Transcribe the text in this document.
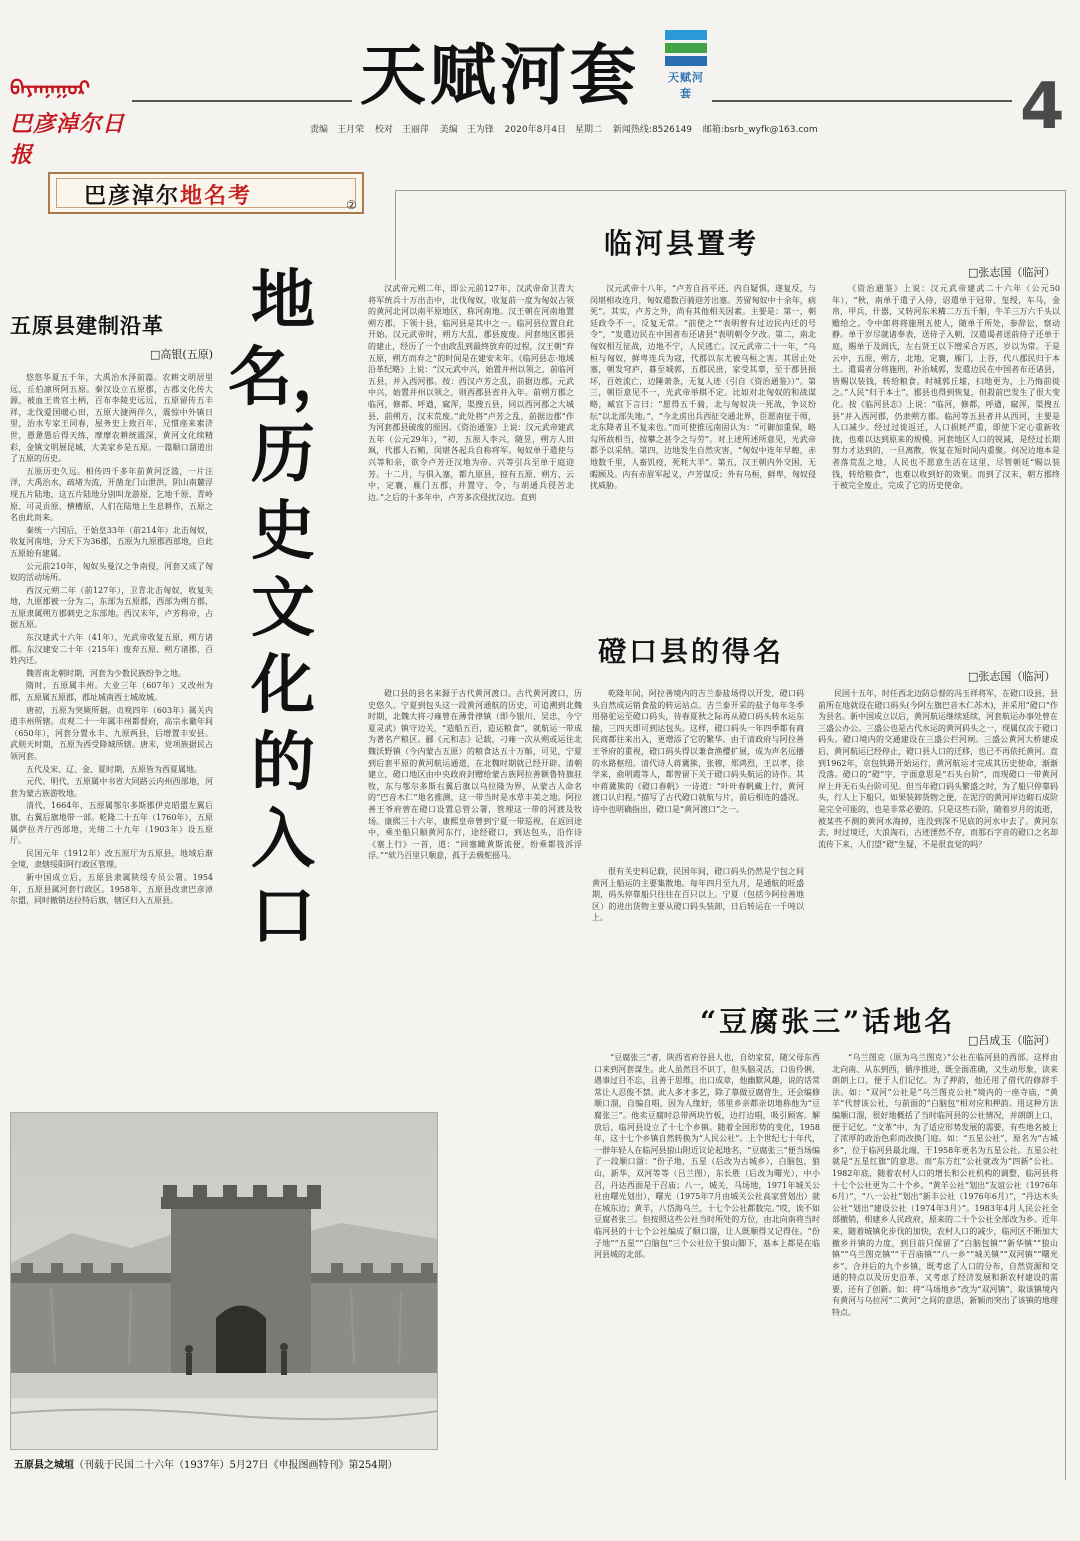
ᠪᠠᠶᠠᠨᠨᠠᠭᠤᠷ
巴彦淖尔日报
天赋河套	天赋河套	4
责编　王月荣 校对　王丽萍 美编　王为锋 2020年8月4日　星期二 新闻热线:8526149 邮箱:bsrb_wyfk@163.com
巴彦淖尔地名考	②
五原县建制沿革
□高银(五原)

悠悠华夏五千年，大禹治水泽前篇。农耕文明居里远，丘伯凛所阿五原。秦汉设立五原郡，古郡文化传大源，被血王贵官土柄，百布李陵史远远，五原留传五丰祥，北伐爱国暖心田，五原大捷两伴久，震惊中外镇日里，治水专家王同春，屋务史上致百年，兄惯座来素济世，愚惫愚后得天练，摩摩农耕统震深，黄河文化续精彩，金镇文明展昆城，大美家乡是五原。一篇顺口溜道出了五原的历史。

五原历史久远。相传四千多年前黄河泛滥，一片汪洋，大禹治水，疏堵为流，开凿龙门山泄洪，阴山南麓浮现五片陆地，这五片陆地分别叫龙游原、乞地千原、青岭原、可灵贡原、横槽原，人们在陆地上生息耕作，五原之名由此而来。

秦统一六国后，于始皇33年（前214年）北击匈奴，收复河南地，分天下为36郡，五原为九原郡西部地，自此五原始有建属。

公元前210年，匈奴头曼汉之争南侵，河套又成了匈奴的活动场所。

西汉元朔二年（前127年），卫青北击匈奴，收复失地，九原郡被一分为二，东部为五原郡，西部为朔方郡，五原隶属朔方郡刺史之东部地。西汉末年，卢芳称帝，占据五原。

东汉建武十六年（41年），光武帝收复五原，朔方诸郡。东汉建安二十年（215年）废弃五原、朔方诸郡，百姓内迁。

魏晋南北朝时期，河套为少数民族纷争之地。

隋时，五原属丰州。大业三年（607年）又改州为郡，五原属五原郡，郡址城南西土城故城。

唐初，五原为突厥所据。贞观四年（603年）属关内道丰州所辖。贞观二十一年属丰州都督府，高宗永徽年间（650年），河套分置永丰、九原两县，后增置丰安县。武则天时期，五原为西受降城所辖。唐末，党项族据民占领河套。

五代及宋、辽、金、夏时期，五原皆为西夏属地。

元代、明代，五原属中书省大同路云内州西部地，河套为蒙古族游牧地。

清代，1664年，五原属鄂尔多斯郡伊克昭盟左翼后旗、右翼后旗地带一部。乾隆二十五年（1760年），五原属萨拉齐厅西部地，光绪二十九年（1903年）设五原厅。

民国元年（1912年）改五原厅为五原县，地域后渐全境，隶辖绥阳阿行政区管理。

新中国成立后，五原县隶属陕绥专员公署。1954年，五原县属河套行政区。1958年，五原县改隶巴彦淖尔盟，同时撤销达拉特后旗，辖区归入五原县。

地
名，
历
史
文
化
的
入
口
临河县置考
□张志国（临河）

汉武帝元朔二年，即公元前127年，汉武帝命卫青大将军统兵十万出击中，北伐匈奴，收复前一度为匈奴占领的黄河北河以南平原地区，称河南地。汉王朝在河南地置朔方郡，下领十县，临河县是其中之一。临河县位置自此开始。汉元武帝时，朔方大乱，郡县废废。河套地区郡县的建止，经历了一个由政乱到最终放弃的过程，汉王朝“弃五原，朔方而弃之”的时间是在建安末年。《临河县志·地域沿革纪略》上说：“汉元武中兴，始置并州以领之，前临河五县，并入西河郡。按：西汉卢芳之乱，前据边郡。元武中兴，始置并州以领之，则西郡县省并入年。前朔方郡之临河，修都、呼遒，窳浑，渠搜五县，同以西河郡之大城县，前朔方，汉末荒废。”此处将“卢芳之乱，前据边郡”作为河套郡县破废的原因。《资治通鉴》上说：汉元武帝建武五年（公元29年），“初，五原人李兴，随昱，朔方人田飒，代郡人石鲔，闵堪各起兵自称将军。匈奴单于遣使与兴等和亲，欲令卢芳还汉地为帝。兴等引兵至单于庭迎芳。十二月，与俱入塞，都九原县，掠有五原、朔方、云中，定襄，雁门五郡，并置守、令，与胡通兵侵苦北边。”之后的十多年中，卢芳多次侵扰汉边。直到

汉元武帝十八年，“卢芳自昌平还，内自疑惧，遂复反，与闵堪相攻连月，匈奴遣数百骑迎芳出塞。芳留匈奴中十余年，病死”。其实，卢芳之外，尚有其他相关因素。主要是：第一，朝廷政令不一，反复无常。“前使之”“表明曾有过边民内迁的号令”，“发遣边民在中国者布还诸县”表明朝令夕改。第二，南北匈奴相互征战，边地不宁，人民逃亡。汉元武帝二十一年，“乌桓与匈奴，鲜卑连兵为寇，代郡以东尤被乌桓之害。其居止处塞，朝发穹庐，暮至城郭，五郡民庶，家受其辜，至于郡县损坏，百姓流亡，边陲萧条，无复人迹（引自《资治通鉴》）”。第三，朝臣意见不一，光武帝举棋不定。比如对北匈奴的和战谋略，臧宫下言曰：“愿得五千骑，北与匈奴决一死战，争议纷纭”以北部失地。”，“今北虏出兵西征交通北界，臣愿南征于师，北东降者且不复来也。”而可使推远南固认为：“可御加重保，略勾所敌相当，按攀之甚令之与劳”。对上述所述所意见，光武帝都予以采纳。第四，边地发生自然灾害，“匈奴中连年早蝗，赤地数千里，人畜饥疫，死耗大半”。第五，汉王朝内外交困，无暇顾及。内有赤眉军起义，卢芳谋反；外有乌桓，鲜卑，匈奴侵扰威胁。

《资治通鉴》上说：汉元武帝建武二十六年（公元50年），“秋，南单于遣子入侍，诏遣单于冠带、玺绶，车马，金帛，甲兵，什器，又转河东米糒二万五千斛，牛羊三万六千头以赡给之。令中郎将将施刑五使人，随单于所处，参辞讼，察动静。单于岁尽就诸奉表，送侍子入朝，汉遣谒者送前侍子还单于庭，赐单于及阏氏，左右贤王以下缯采合万匹，岁以为常。于是云中，五原，朔方，北地，定襄，雁门，上谷，代八郡民归于本土。遣谒者分将施刑，补治城郭，发遣边民在中国者布还诸县，皆赐以装钱，转给粮食。时城郭丘墟，扫地更为，上乃悔前徙之。”人民“归于本土”，郡县也得到恢复，但殺前巴发生了很大变化。按《临河县志》上说：“临河，修都，呼遒，窳浑，渠搜五县”并入西河郡，仍隶朔方郡。临河等五县者并从西河，主要是人口减少。经过过徙返迁，人口损耗严重，即使下定心重新收拢，也难以达到原来的规模。河套地区人口的锐减，是经过长期努力才达到的，一旦离散，恢复在短时间内重聚。何况边地本是者落荒乱之地，人民也不愿意生活在这里，尽管朝廷“赐以装钱，转给粮食”，也难以收到好的效果。而到了汉末，朝方郡终于被完全废止，完成了它的历史使命。

磴口县的得名
□张志国（临河）

磴口县的县名来源于古代黄河渡口。古代黄河渡口，历史悠久。宁夏到包头这一段黄河通航的历史，可追溯到北魏时期，北魏大将刁雍曾在薄骨律镇（即今银川、吴忠，今宁夏灵武）镇守边关，“造船五百，造运粮食”，就航运一带成为著名产粮区。郦《元和志》记载，刁雍一次从朔或运往北魏沃野镇（今内蒙古五原）的粮食达五十万斛，可见，宁夏到后套平原的黄河航运通道，在北魏时期就已经开辟。清朝建立，磴口地区由中央政府封赠给蒙古族阿拉善额鲁特旗驻牧，东与鄂尔多斯右翼后旗以乌拉隆为界，从蒙古人命名的“巴音木仁”地名推测，这一带当时是水草丰美之地。阿拉善王爷府曾在磴口设置总管公署，管理这一带的河渡及牧场。康熙三十六年，康熙皇帝曾到宁夏一带巡视，在返回途中，乘坐船只顺黄河东行，途经磴口，到达包头，沿作诗《塞上行》一首，道：“回塞瞰黄斯流便，纷乘都筏泝浮浮。”“欸乃百里只顺意，孤于去极舵摇马。

乾隆年间，阿拉善境内的吉兰泰盐场得以开发，磴口码头自然成运销食盐的转运站点。吉兰泰开采的盐子每年冬季用骆驼运至磴口码头，待春夏秋之际再从磴口码头转水运东输，三四天即可到达包头。这样，磴口码头一年四季都有商民商都往来出入，更增添了它的繁华。由于清政府与阿拉善王爷府的重视，磴口码头得以兼食渔樱扩展，成为声名远播的水路枢纽。清代诗人蒋冀熊，张穆，郑鸿烈，王以孝，徐学来，俞明霞等人，都曾留下关于磴口码头航运的诗作。其中蒋冀熊的《磴口春帆》一诗道：“叶叶春帆藏上行，黄河渡口认归程。”描写了古代磴口就航与片，前后相连的盛况。诗中也明确指出，磴口是“黄河渡口”之一。

很有关史料记载，民国年间，磴口码头仍然是宁包之间黄河上船运的主要集散地。每年四月至九月，是通航的旺盛期，码头停靠船只往往在百只以上。宁夏（包括今阿拉善地区）的进出货物主要从磴口码头装卸，日后转运在一千吨以上。

民国十五年，时任西北边防总督的冯玉祥将军，在磴口设县，县前所在地就设在磴口码头(今阿左旗巴音木仁苏木)，并采用“磴口”作为县名。新中国成立以后，黄河航运继续延续，河套航运办事处曾在三盛公办公。三盛公也是古代水运的黄河码头之一，现属仅次于磴口码头。磴口境内的交通建设在三盛公拦河闸。三盛公黄河大桥建成后，黄河航运已经停止，磴口县人口的迁移，也已不再依托黄河。直到1962年，京包铁路开始运行，黄河航运才完成其历史使命，渐渐没落。磴口的“磴”字，字面意思是“石头台阶”，而现磴口一带黄河岸上并无石头台阶可见。但当年磴口码头繁盛之时，为了船只停靠码头，行人上下船只，如果装卸货物之便，在泥泞的黄河岸边砌石成阶是完全可能的，也是非常必要的。只是这些石阶，随着岁月的流逝，被某些不测的黄河水淘掉，连没到深不见底的河水中去了。黄河东去，时过境迁，大浪淘石，古迹湮然不存，而那石字音的磴口之名却流传下来，人们望“磴”生疑，不是很直觉的吗？

“豆腐张三”话地名
□吕成玉（临河）

“豆腐张三”者，陕西省府谷县人也，自幼家贫，随父母东西口来到河套谋生。此人虽然目不识丁，但头脑灵活，口齿伶俐，遇事过目不忘，且善于思维，出口成章，他幽默风趣，说的话常常让人忍俊不禁。此人多才多艺，除了靠做豆腐营生，还会编修顺口溜，自编自唱，因为人缘好，邻里乡亲都亲切地称他为“豆腐张三”。他卖豆腐时总带两块竹板，边打边唱，吸引顾客。解放后，临河县设立了十七个乡镇。随着全国形势的变化，1958年，这十七个乡镇自然转换为“人民公社”。上个世纪七十年代，一群年轻人在临河县狼山附近议论起地名，“豆腐张三”便当场编了一段顺口溜：“份子地，五星（后改为古城乡），白脑包，狼山，新华，双河等等（吕兰图），东长胜（后改为曙光），中小召，丹达西面是干召庙；八一，城关，马场地，1971年城关公社由曙光划出），曙光（1975年7月由城关公社高家营划出）就在城东边；黄羊，八岱海乌兰，十七个公社都数完。”哎，诶不如豆腐者张三。但按照这些公社当时所处的方位，由北向南将当时临河县的十七个公社编成了顺口溜，让人既顺得又记得住。“份子地”“五星”“白脑包”三个公社位于狼山脚下，基本上都是在临河县城的北部。

“乌兰图克（原为乌兰图克）”公社在临河县的西部。这样由北向南、从东到西，循序推进，既全面准确，又生动形象，读来朗朗上口，便于人们记忆。为了押韵，他还用了借代的修辞手法。如：“双河”公社是“乌兰图克公社”境内的一座寺庙，“黄羊”代替该公社，与前面的“白脑包”相对应和押韵。用这种方法编顺口溜，很好地概括了当时临河县的公社情况，并朗朗上口，便于记忆。“文革”中，为了适应形势发展的需要，有些地名被上了浓厚的政治色彩而改换门庭。如：“五星公社”，原名为“古城乡”，位于临河县最北端，于1958年更名为五星公社。五星公社就是“五星红旗”的意思。而“东方红”公社就改为“四新”公社。1982年底，随着农村人口的增长和公社机构的调整，临河县将十七个公社更为二十个乡。“黄羊公社”划出“友谊公社（1976年6月）”，“八一公社”划出“新丰公社（1976年6月）”，“丹达木头公社”划出“建设公社（1974年3月）”。1983年4月人民公社全部撤销，相建乡人民政府，原来的二十个公社全部改为乡。近年来，随着城镇化步伐的加快，农村人口的减少，临河区不断加大撤乡并镇的力度，到目前只保留了“白脑包镇”“新华镇”“狼山镇”“乌兰图克镇”“干召庙镇”“八一乡”“城关镇”“双河镇”“曙光乡”。合并后的九个乡镇，既考虑了人口的分布，自然资源和交通的特点以及历史沿革，又考虑了经济发展和新农村建设的需要，还有了创新。如：将“马场地乡”改为“双河镇”，取该镇境内有黄河与乌拉河“二黄河”之间的意思，新颖而突出了该镇的地理特点。

五原县之城垣（刊载于民国二十六年（1937年）5月27日《申报图画特刊》第254期）
